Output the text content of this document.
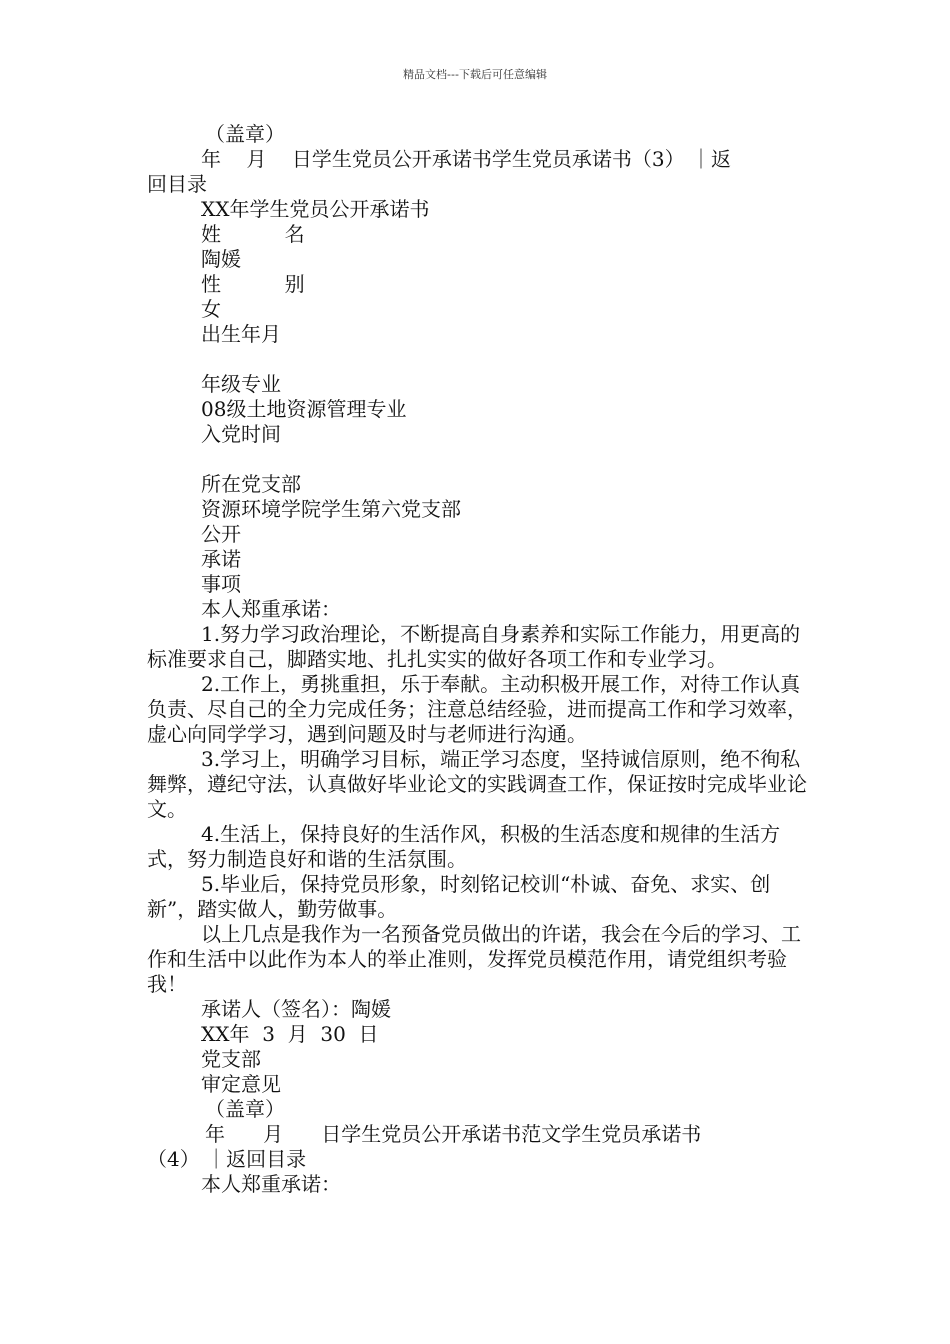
精品文档---下载后可任意编辑
（盖章）
年    月    日学生党员公开承诺书学生党员承诺书（3） ｜返
回目录
XX年学生党员公开承诺书
姓          名
陶媛
性          别
女
出生年月
年级专业
08级土地资源管理专业
入党时间
所在党支部
资源环境学院学生第六党支部
公开
承诺
事项
本人郑重承诺：
1.努力学习政治理论，不断提高自身素养和实际工作能力，用更高的标准要求自己，脚踏实地、扎扎实实的做好各项工作和专业学习。
2.工作上，勇挑重担，乐于奉献。主动积极开展工作，对待工作认真负责、尽自己的全力完成任务；注意总结经验，进而提高工作和学习效率，虚心向同学学习，遇到问题及时与老师进行沟通。
3.学习上，明确学习目标，端正学习态度，坚持诚信原则，绝不徇私舞弊，遵纪守法，认真做好毕业论文的实践调查工作，保证按时完成毕业论文。
4.生活上，保持良好的生活作风，积极的生活态度和规律的生活方式，努力制造良好和谐的生活氛围。
5.毕业后，保持党员形象，时刻铭记校训“朴诚、奋免、求实、创新”，踏实做人，勤劳做事。
以上几点是我作为一名预备党员做出的许诺，我会在今后的学习、工作和生活中以此作为本人的举止准则，发挥党员模范作用，请党组织考验我！
承诺人（签名）：陶媛
XX年  3  月  30  日
党支部
审定意见
（盖章）
年      月      日学生党员公开承诺书范文学生党员承诺书
（4） ｜返回目录
本人郑重承诺：
